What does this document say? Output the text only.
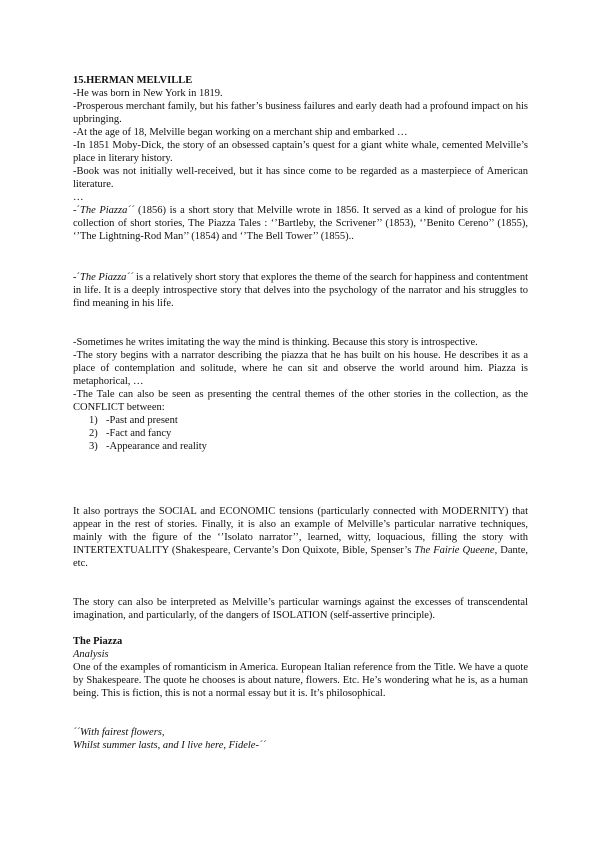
15.HERMAN MELVILLE

-He was born in New York in 1819.

-Prosperous merchant family, but his father’s business failures and early death had a profound impact on his upbringing.

-At the age of 18, Melville began working on a merchant ship and embarked …

-In 1851 Moby-Dick, the story of an obsessed captain’s quest for a giant white whale, cemented Melville’s place in literary history.

-Book was not initially well-received, but it has since come to be regarded as a masterpiece of American literature.

…

-´The Piazza´´ (1856) is a short story that Melville wrote in 1856. It served as a kind of prologue for his collection of short stories, The Piazza Tales : ‘’Bartleby, the Scrivener’’ (1853), ‘’Benito Cereno’’ (1855), ‘’The Lightning-Rod Man’’ (1854) and ‘’The Bell Tower’’ (1855)..

-´The Piazza´´ is a relatively short story that explores the theme of the search for happiness and contentment in life. It is a deeply introspective story that delves into the psychology of the narrator and his struggles to find meaning in his life.

-Sometimes he writes imitating the way the mind is thinking. Because this story is introspective.

-The story begins with a narrator describing the piazza that he has built on his house. He describes it as a place of contemplation and solitude, where he can sit and observe the world around him. Piazza is metaphorical, …

-The Tale can also be seen as presenting the central themes of the other stories in the collection, as the CONFLICT between:

1) -Past and present
2) -Fact and fancy
3) -Appearance and reality

It also portrays the SOCIAL and ECONOMIC tensions (particularly connected with MODERNITY) that appear in the rest of stories. Finally, it is also an example of Melville’s particular narrative techniques, mainly with the figure of the ‘’Isolato narrator’’, learned, witty, loquacious, filling the story with INTERTEXTUALITY (Shakespeare, Cervante’s Don Quixote, Bible, Spenser’s The Fairie Queene, Dante, etc.

The story can also be interpreted as Melville’s particular warnings against the excesses of transcendental imagination, and particularly, of the dangers of ISOLATION (self-assertive principle).

The Piazza

Analysis

One of the examples of romanticism in America. European Italian reference from the Title. We have a quote by Shakespeare. The quote he chooses is about nature, flowers. Etc. He’s wondering what he is, as a human being. This is fiction, this is not a normal essay but it is. It’s philosophical.

´´With fairest flowers,

Whilst summer lasts, and I live here, Fidele-´´
